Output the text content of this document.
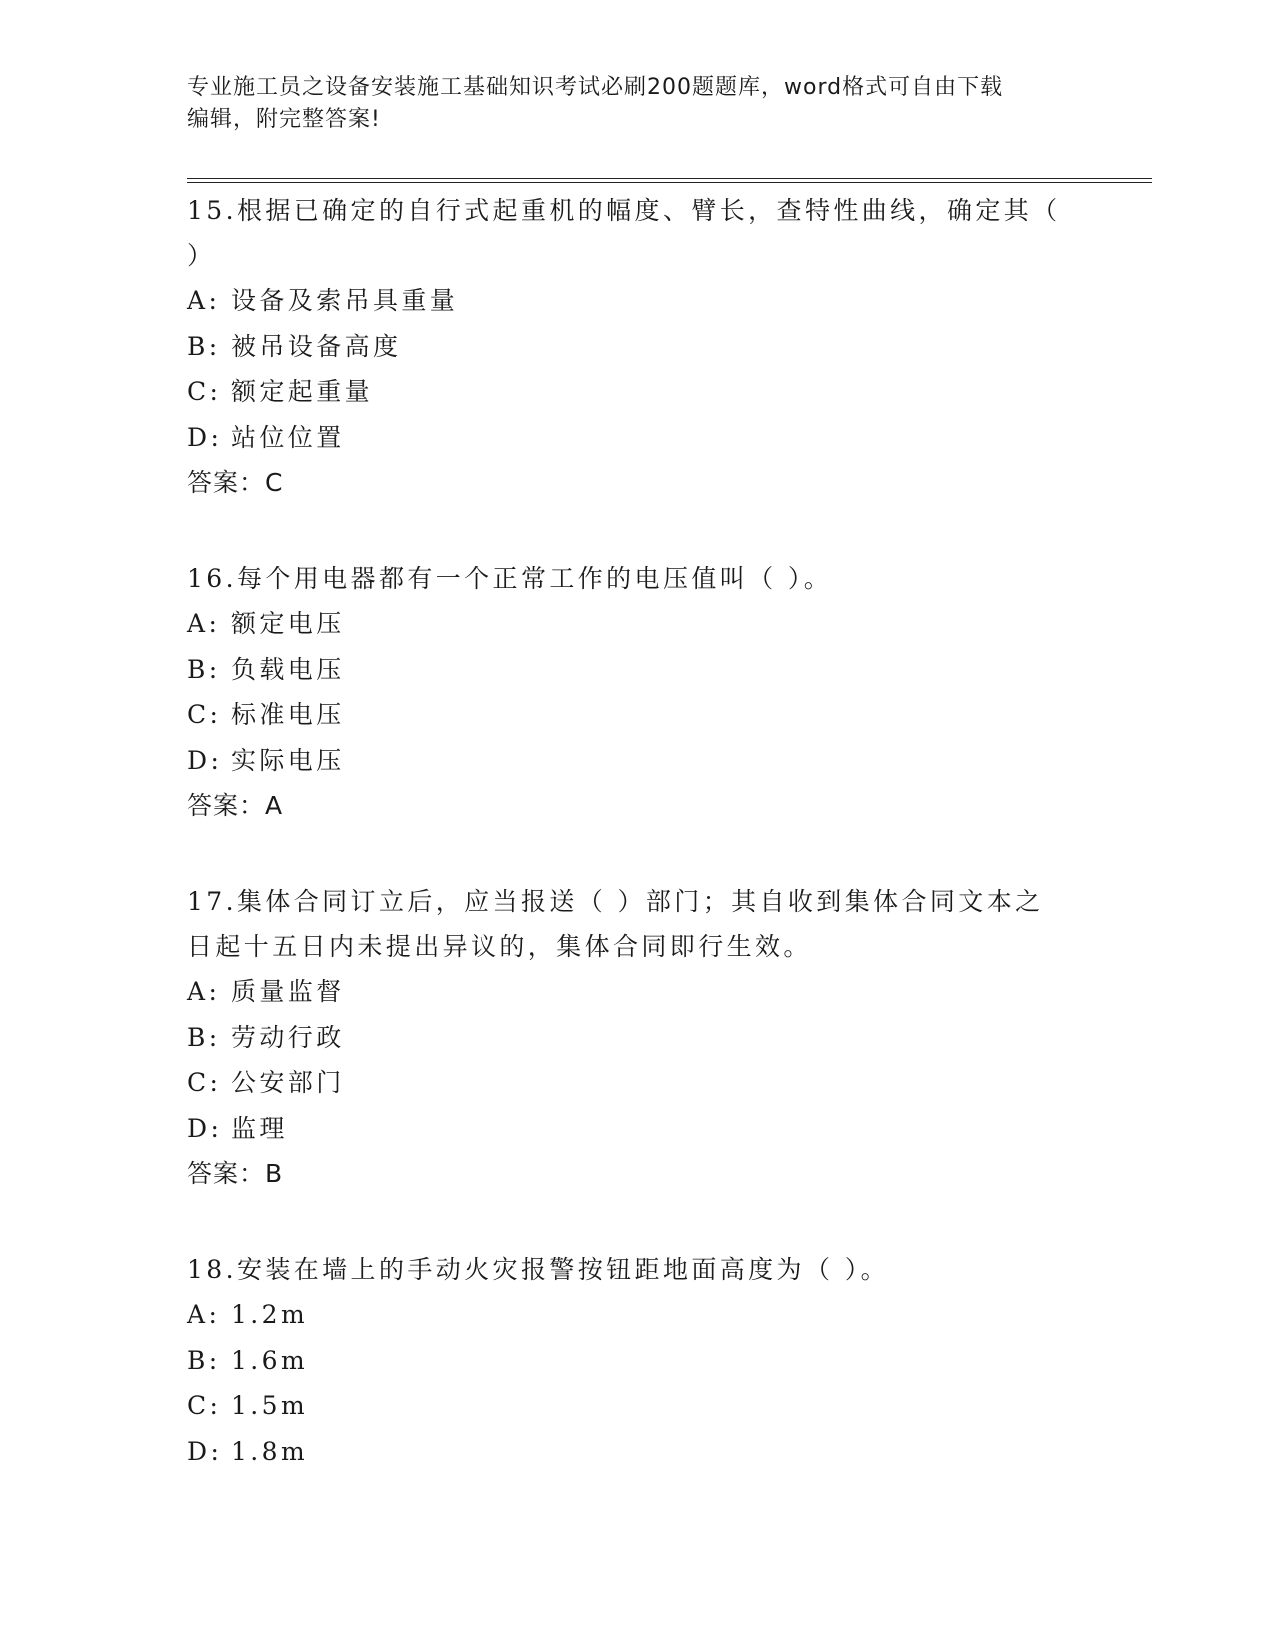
专业施工员之设备安装施工基础知识考试必刷200题题库，word格式可自由下载
编辑，附完整答案!

15.根据已确定的自行式起重机的幅度、臂长，查特性曲线，确定其（ ）

A: 设备及索吊具重量
B: 被吊设备高度
C: 额定起重量
D: 站位位置
答案：C

16.每个用电器都有一个正常工作的电压值叫（ ）。

A: 额定电压
B: 负载电压
C: 标准电压
D: 实际电压
答案：A

17.集体合同订立后，应当报送（ ）部门；其自收到集体合同文本之日起十五日内未提出异议的，集体合同即行生效。

A: 质量监督
B: 劳动行政
C: 公安部门
D: 监理
答案：B

18.安装在墙上的手动火灾报警按钮距地面高度为（ ）。

A: 1.2m
B: 1.6m
C: 1.5m
D: 1.8m
